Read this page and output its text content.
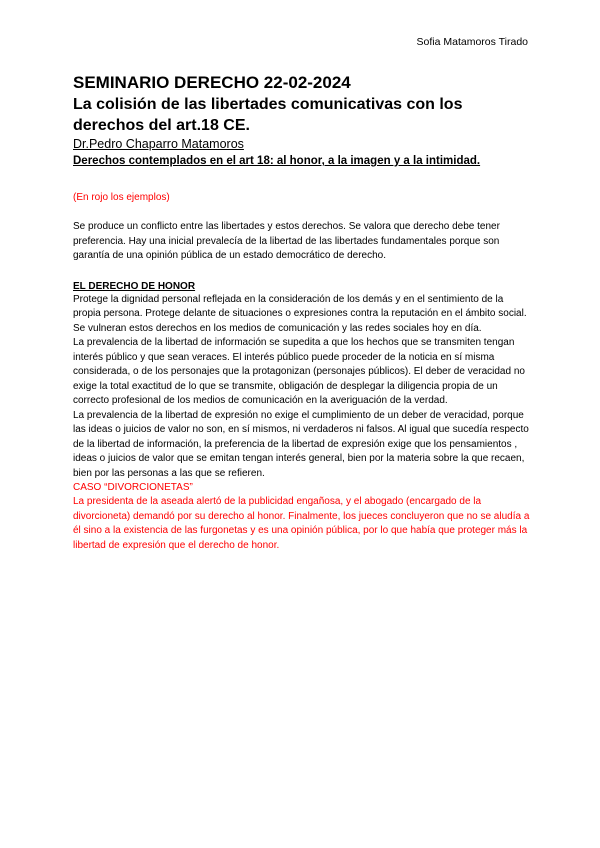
Sofia Matamoros Tirado

SEMINARIO DERECHO 22-02-2024

La colisión de las libertades comunicativas con los derechos del art.18 CE.

Dr.Pedro Chaparro Matamoros

Derechos contemplados en el art 18: al honor, a la imagen y a la intimidad.

(En rojo los ejemplos)

Se produce un conflicto entre las libertades y estos derechos. Se valora que derecho debe tener preferencia. Hay una inicial prevalecía de la libertad de las libertades fundamentales porque son garantía de una opinión pública de un estado democrático de derecho.

EL DERECHO DE HONOR

Protege la dignidad personal reflejada en la consideración de los demás y en el sentimiento de la propia persona. Protege delante de situaciones o expresiones contra la reputación en el ámbito social. Se vulneran estos derechos en los medios de comunicación y las redes sociales hoy en día.

La prevalencia de la libertad de información se supedita a que los hechos que se transmiten tengan interés público y que sean veraces. El interés público puede proceder de la noticia en sí misma considerada, o de los personajes que la protagonizan (personajes públicos). El deber de veracidad no exige la total exactitud de lo que se transmite, obligación de desplegar la diligencia propia de un correcto profesional de los medios de comunicación en la averiguación de la verdad.

La prevalencia de la libertad de expresión no exige el cumplimiento de un deber de veracidad, porque las ideas o juicios de valor no son, en sí mismos, ni verdaderos ni falsos. Al igual que sucedía respecto de la libertad de información, la preferencia de la libertad de expresión exige que los pensamientos , ideas o juicios de valor que se emitan tengan interés general, bien por la materia sobre la que recaen, bien por las personas a las que se refieren.

CASO “DIVORCIONETAS”

La presidenta de la aseada alertó de la publicidad engañosa, y el abogado (encargado de la divorcioneta) demandó por su derecho al honor. Finalmente, los jueces concluyeron que no se aludía a él sino a la existencia de las furgonetas y es una opinión pública, por lo que había que proteger más la libertad de expresión que el derecho de honor.
